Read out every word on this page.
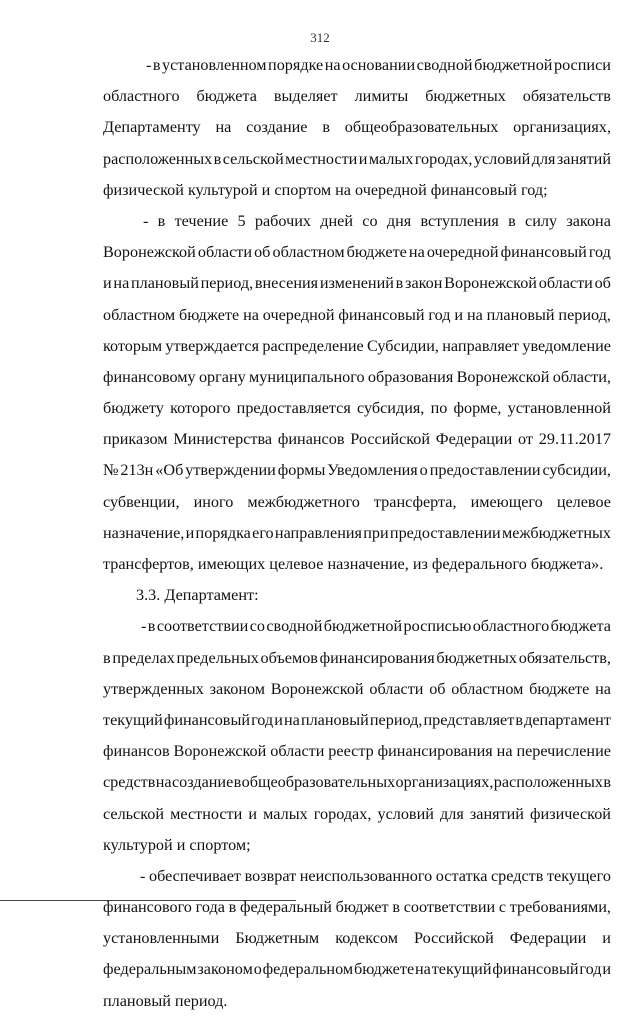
312
- в установленном порядке на основании сводной бюджетной росписи
областного бюджета выделяет лимиты бюджетных обязательств
Департаменту на создание в общеобразовательных организациях,
расположенных в сельской местности и малых городах, условий для занятий
физической культурой и спортом на очередной финансовый год;
- в течение 5 рабочих дней со дня вступления в силу закона
Воронежской области об областном бюджете на очередной финансовый год
и на плановый период, внесения изменений в закон Воронежской области об
областном бюджете на очередной финансовый год и на плановый период,
которым утверждается распределение Субсидии, направляет уведомление
финансовому органу муниципального образования Воронежской области,
бюджету которого предоставляется субсидия, по форме, установленной
приказом Министерства финансов Российской Федерации от 29.11.2017
№ 213н «Об утверждении формы Уведомления о предоставлении субсидии,
субвенции, иного межбюджетного трансферта, имеющего целевое
назначение, и порядка его направления при предоставлении межбюджетных
трансфертов, имеющих целевое назначение, из федерального бюджета».
3.3. Департамент:
- в соответствии со сводной бюджетной росписью областного бюджета
в пределах предельных объемов финансирования бюджетных обязательств,
утвержденных законом Воронежской области об областном бюджете на
текущий финансовый год и на плановый период, представляет в департамент
финансов Воронежской области реестр финансирования на перечисление
средств на создание в общеобразовательных организациях, расположенных в
сельской местности и малых городах, условий для занятий физической
культурой и спортом;
- обеспечивает возврат неиспользованного остатка средств текущего
финансового года в федеральный бюджет в соответствии с требованиями,
установленными Бюджетным кодексом Российской Федерации и
федеральным законом о федеральном бюджете на текущий финансовый год и
плановый период.
